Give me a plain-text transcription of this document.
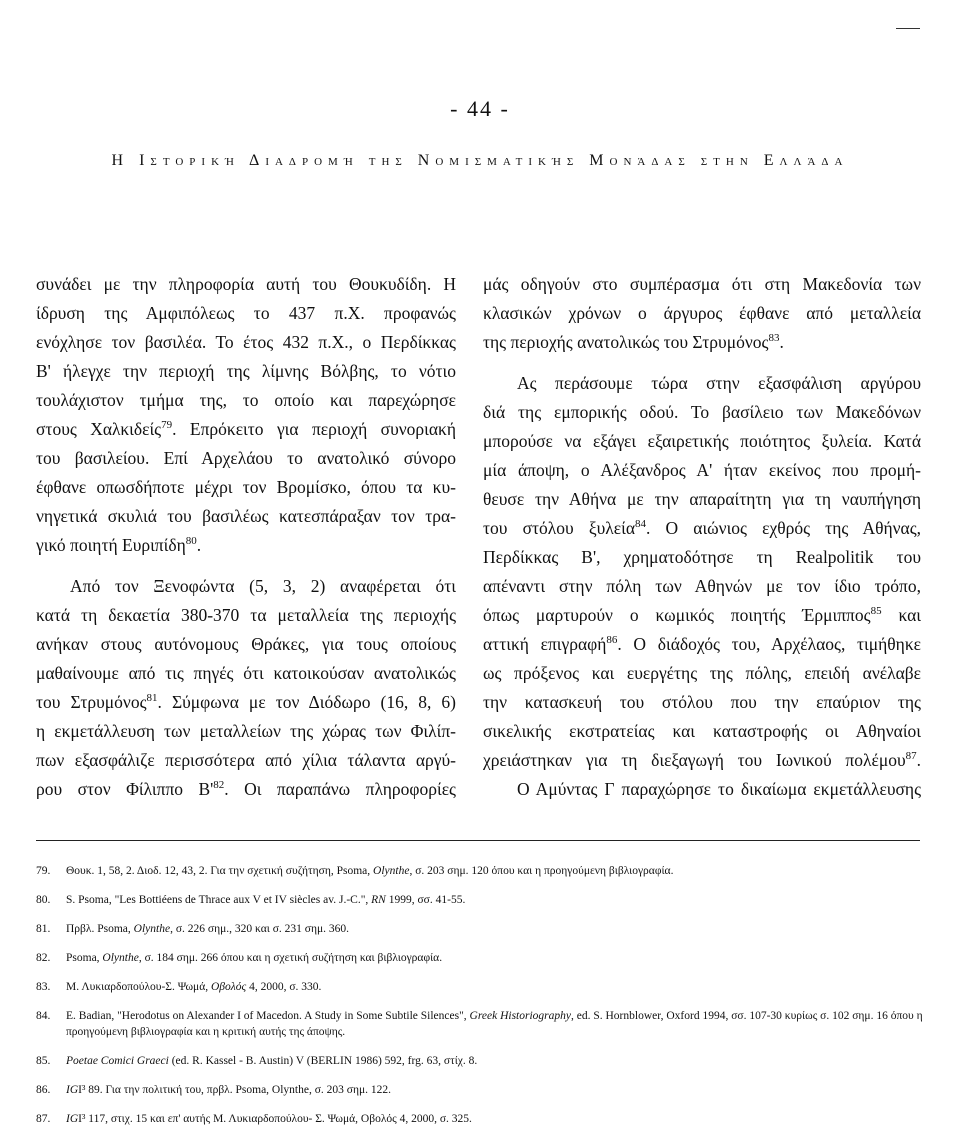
- 44 -
Η Ιστορική Διαδρομή της Νομισματικής Μονάδας στην Ελλάδα

συνάδει με την πληροφορία αυτή του Θουκυδίδη. Η
ίδρυση της Αμφιπόλεως το 437 π.Χ. προφανώς
ενόχλησε τον βασιλέα. Το έτος 432 π.Χ., ο Περδίκκας
Β' ήλεγχε την περιοχή της λίμνης Βόλβης, το νότιο
τουλάχιστον τμήμα της, το οποίο και παρεχώρησε
στους Χαλκιδείς$^{79}$. Επρόκειτο για περιοχή συνοριακή
του βασιλείου. Επί Αρχελάου το ανατολικό σύνορο
έφθανε οπωσδήποτε μέχρι τον Βρομίσκο, όπου τα κυ-
νηγετικά σκυλιά του βασιλέως κατεσπάραξαν τον τρα-
γικό ποιητή Ευριπίδη$^{80}$.

Από τον Ξενοφώντα (5, 3, 2) αναφέρεται ότι
κατά τη δεκαετία 380-370 τα μεταλλεία της περιοχής
ανήκαν στους αυτόνομους Θράκες, για τους οποίους
μαθαίνουμε από τις πηγές ότι κατοικούσαν ανατολικώς
του Στρυμόνος$^{81}$. Σύμφωνα με τον Διόδωρο (16, 8, 6)
η εκμετάλλευση των μεταλλείων της χώρας των Φιλίπ-
πων εξασφάλιζε περισσότερα από χίλια τάλαντα αργύ-
ρου στον Φίλιππο $B'^{82}$. Οι παραπάνω πληροφορίες

μάς οδηγούν στο συμπέρασμα ότι στη Μακεδονία των
κλασικών χρόνων ο άργυρος έφθανε από μεταλλεία
της περιοχής ανατολικώς του Στρυμόνος$^{83}$.

Ας περάσουμε τώρα στην εξασφάλιση αργύρου
διά της εμπορικής οδού. Το βασίλειο των Μακεδόνων
μπορούσε να εξάγει εξαιρετικής ποιότητος ξυλεία. Κατά
μία άποψη, ο Αλέξανδρος Α' ήταν εκείνος που προμή-
θευσε την Αθήνα με την απαραίτητη για τη ναυπήγηση
του στόλου ξυλεία$^{84}$. Ο αιώνιος εχθρός της Αθήνας,
Περδίκκας Β', χρηματοδότησε τη Realpolitik του
απέναντι στην πόλη των Αθηνών με τον ίδιο τρόπο,
όπως μαρτυρούν ο κωμικός ποιητής Έρμιππος$^{85}$ και
αττική επιγραφή$^{86}$. Ο διάδοχός του, Αρχέλαος, τιμήθηκε
ως πρόξενος και ευεργέτης της πόλης, επειδή ανέλαβε
την κατασκευή του στόλου που την επαύριον της
σικελικής εκστρατείας και καταστροφής οι Αθηναίοι
χρειάστηκαν για τη διεξαγωγή του Ιωνικού πολέμου$^{87}$.
Ο Αμύντας Γ παραχώρησε το δικαίωμα εκμετάλλευσης

79.	Θουκ. 1, 58, 2. Διοδ. 12, 43, 2. Για την σχετική συζήτηση, Psoma, Olynthe, σ. 203 σημ. 120 όπου και η προηγούμενη βιβλιογραφία.
80.	S. Psoma, "Les Bottiéens de Thrace aux V et IV siècles av. J.-C.", RN 1999, σσ. 41-55.
81.	Πρβλ. Psoma, Olynthe, σ. 226 σημ., 320 και σ. 231 σημ. 360.
82.	Psoma, Olynthe, σ. 184 σημ. 266 όπου και η σχετική συζήτηση και βιβλιογραφία.
83.	Μ. Λυκιαρδοπούλου-Σ. Ψωμά, Οβολός 4, 2000, σ. 330.
84.	E. Badian, "Herodotus on Alexander I of Macedon. A Study in Some Subtile Silences", Greek Historiography, ed. S. Hornblower, Oxford 1994, σσ. 107-30 κυρίως σ. 102 σημ. 16 όπου η προηγούμενη βιβλιογραφία και η κριτική αυτής της άποψης.
85.	Poetae Comici Graeci (ed. R. Kassel - B. Austin) V (BERLIN 1986) 592, frg. 63, στίχ. 8.
86.	IGI³ 89. Για την πολιτική του, πρβλ. Psoma, Olynthe, σ. 203 σημ. 122.
87.	IGI³ 117, στιχ. 15 και επ' αυτής Μ. Λυκιαρδοπούλου- Σ. Ψωμά, Οβολός 4, 2000, σ. 325.
